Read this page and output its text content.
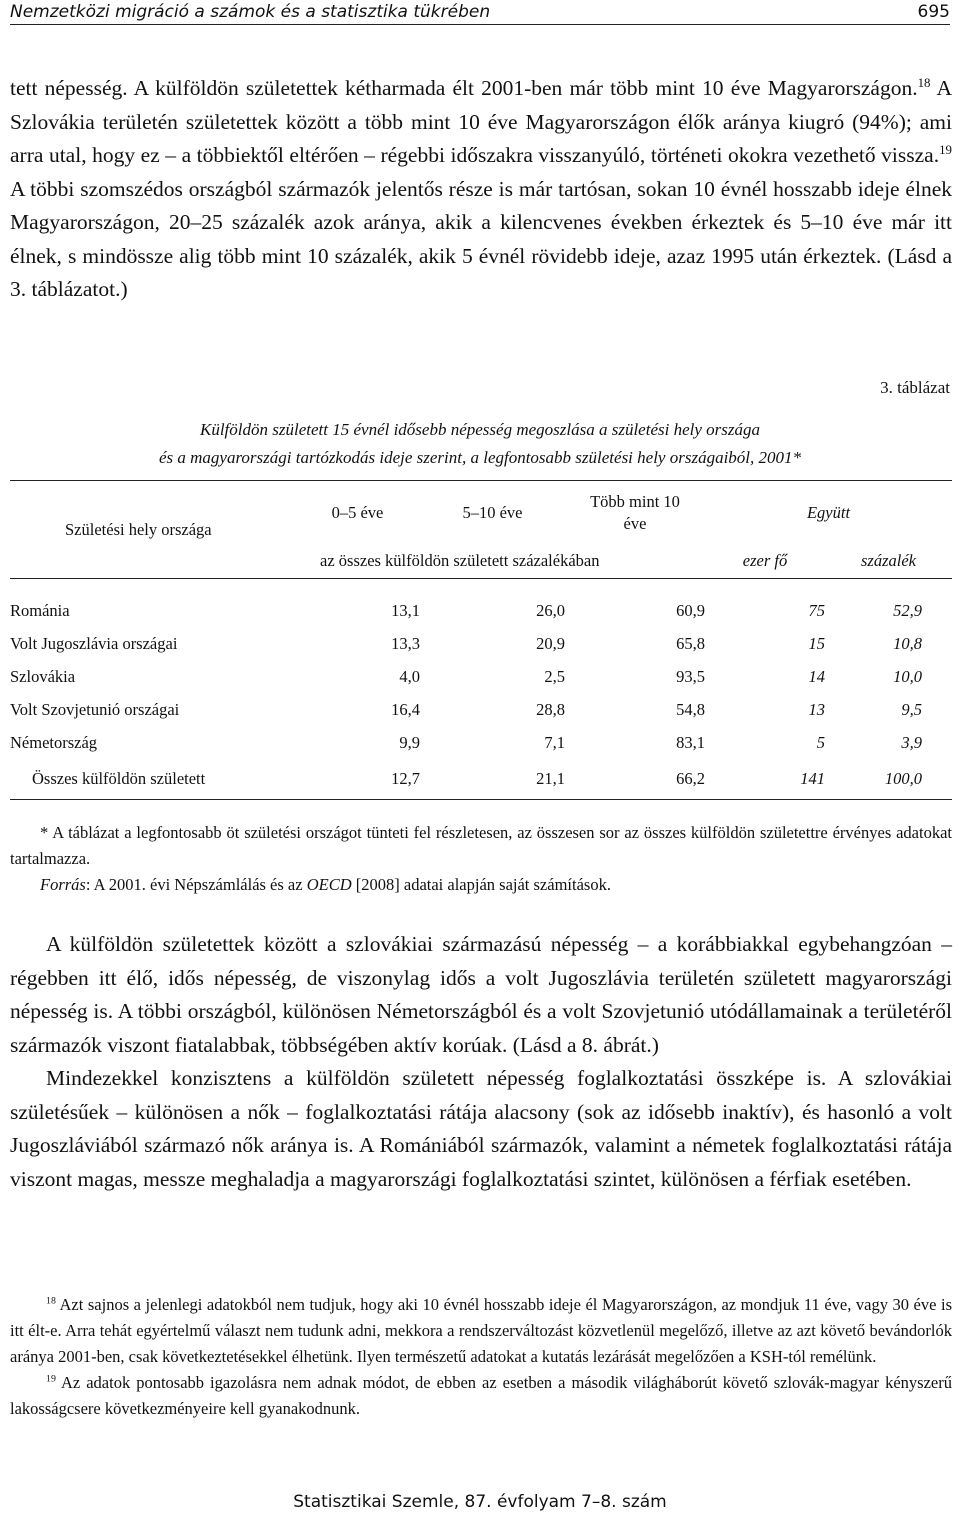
Nemzetközi migráció a számok és a statisztika tükrében	695

tett népesség. A külföldön születettek kétharmada élt 2001-ben már több mint 10 éve Magyarországon.$^{18}$ A Szlovákia területén születettek között a több mint 10 éve Magyarországon élők aránya kiugró (94%); ami arra utal, hogy ez – a többiektől eltérően – régebbi időszakra visszanyúló, történeti okokra vezethető vissza.$^{19}$ A többi szomszédos országból származók jelentős része is már tartósan, sokan 10 évnél hosszabb ideje élnek Magyarországon, 20–25 százalék azok aránya, akik a kilencvenes években érkeztek és 5–10 éve már itt élnek, s mindössze alig több mint 10 százalék, akik 5 évnél rövidebb ideje, azaz 1995 után érkeztek. (Lásd a 3. táblázatot.)

3. táblázat
Külföldön született 15 évnél idősebb népesség megoszlása a születési hely országa
és a magyarországi tartózkodás ideje szerint, a legfontosabb születési hely országaiból, 2001*
Születési hely országa	0–5 éve	5–10 éve	Több mint 10
éve	Együtt	
	az összes külföldön született százalékában			ezer fő	százalék

Románia	13,1	26,0	60,9	75	52,9
Volt Jugoszlávia országai	13,3	20,9	65,8	15	10,8
Szlovákia	4,0	2,5	93,5	14	10,0
Volt Szovjetunió országai	16,4	28,8	54,8	13	9,5
Németország	9,9	7,1	83,1	5	3,9
Összes külföldön született	12,7	21,1	66,2	141	100,0

* A táblázat a legfontosabb öt születési országot tünteti fel részletesen, az összesen sor az összes külföldön születettre érvényes adatokat tartalmazza.

Forrás: A 2001. évi Népszámlálás és az OECD [2008] adatai alapján saját számítások.

A külföldön születettek között a szlovákiai származású népesség – a korábbiakkal egybehangzóan – régebben itt élő, idős népesség, de viszonylag idős a volt Jugoszlávia területén született magyarországi népesség is. A többi országból, különösen Németországból és a volt Szovjetunió utódállamainak a területéről származók viszont fiatalabbak, többségében aktív korúak. (Lásd a 8. ábrát.)

Mindezekkel konzisztens a külföldön született népesség foglalkoztatási összképe is. A szlovákiai születésűek – különösen a nők – foglalkoztatási rátája alacsony (sok az idősebb inaktív), és hasonló a volt Jugoszláviából származó nők aránya is. A Romániából származók, valamint a németek foglalkoztatási rátája viszont magas, messze meghaladja a magyarországi foglalkoztatási szintet, különösen a férfiak esetében.

$^{18}$ Azt sajnos a jelenlegi adatokból nem tudjuk, hogy aki 10 évnél hosszabb ideje él Magyarországon, az mondjuk 11 éve, vagy 30 éve is itt élt-e. Arra tehát egyértelmű választ nem tudunk adni, mekkora a rendszerváltozást közvetlenül megelőző, illetve az azt követő bevándorlók aránya 2001-ben, csak következtetésekkel élhetünk. Ilyen természetű adatokat a kutatás lezárását megelőzően a KSH-tól remélünk.

$^{19}$ Az adatok pontosabb igazolásra nem adnak módot, de ebben az esetben a második világháborút követő szlovák-magyar kényszerű lakosságcsere következményeire kell gyanakodnunk.

Statisztikai Szemle, 87. évfolyam 7–8. szám
